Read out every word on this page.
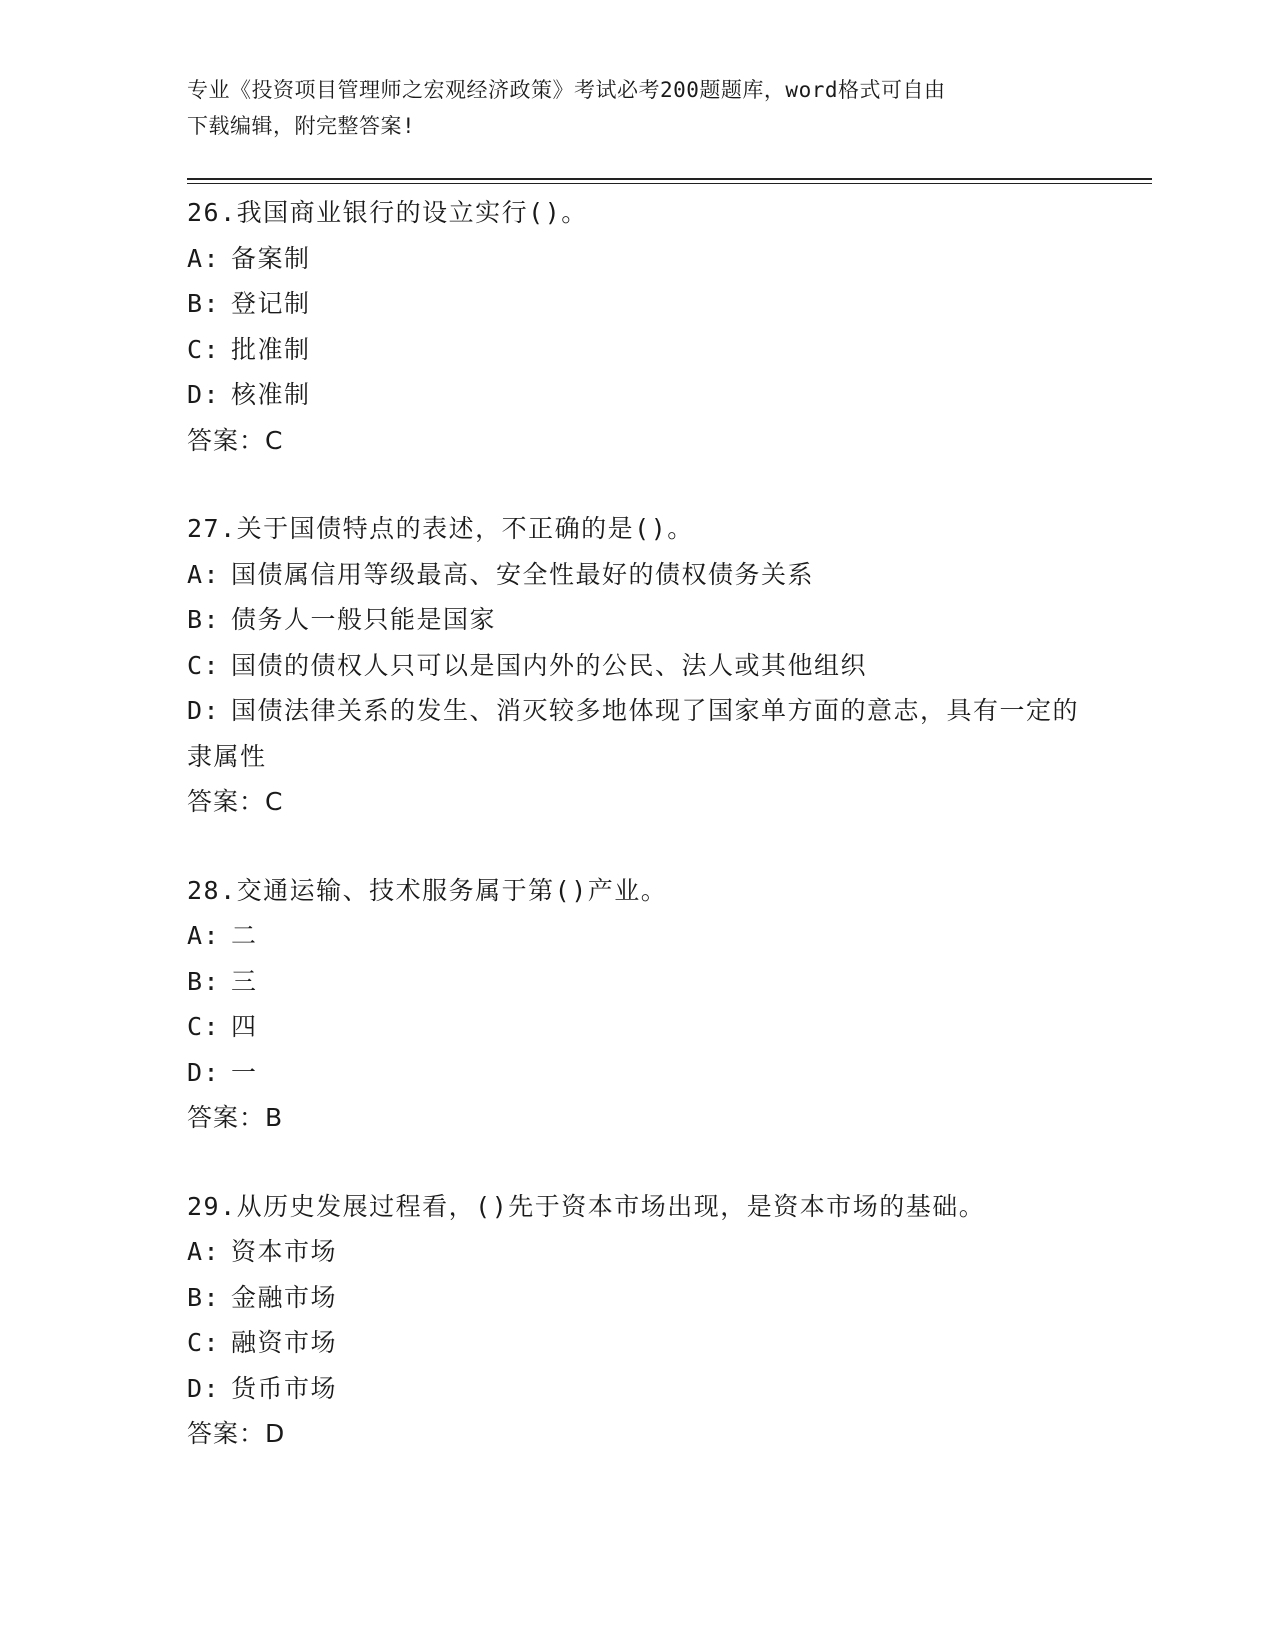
专业《投资项目管理师之宏观经济政策》考试必考200题题库，word格式可自由
下载编辑，附完整答案!
26.我国商业银行的设立实行()。
A: 备案制
B: 登记制
C: 批准制
D: 核准制
答案：C
27.关于国债特点的表述，不正确的是()。
A: 国债属信用等级最高、安全性最好的债权债务关系
B: 债务人一般只能是国家
C: 国债的债权人只可以是国内外的公民、法人或其他组织
D: 国债法律关系的发生、消灭较多地体现了国家单方面的意志，具有一定的隶属性
答案：C
28.交通运输、技术服务属于第()产业。
A: 二
B: 三
C: 四
D: 一
答案：B
29.从历史发展过程看，()先于资本市场出现，是资本市场的基础。
A: 资本市场
B: 金融市场
C: 融资市场
D: 货币市场
答案：D
